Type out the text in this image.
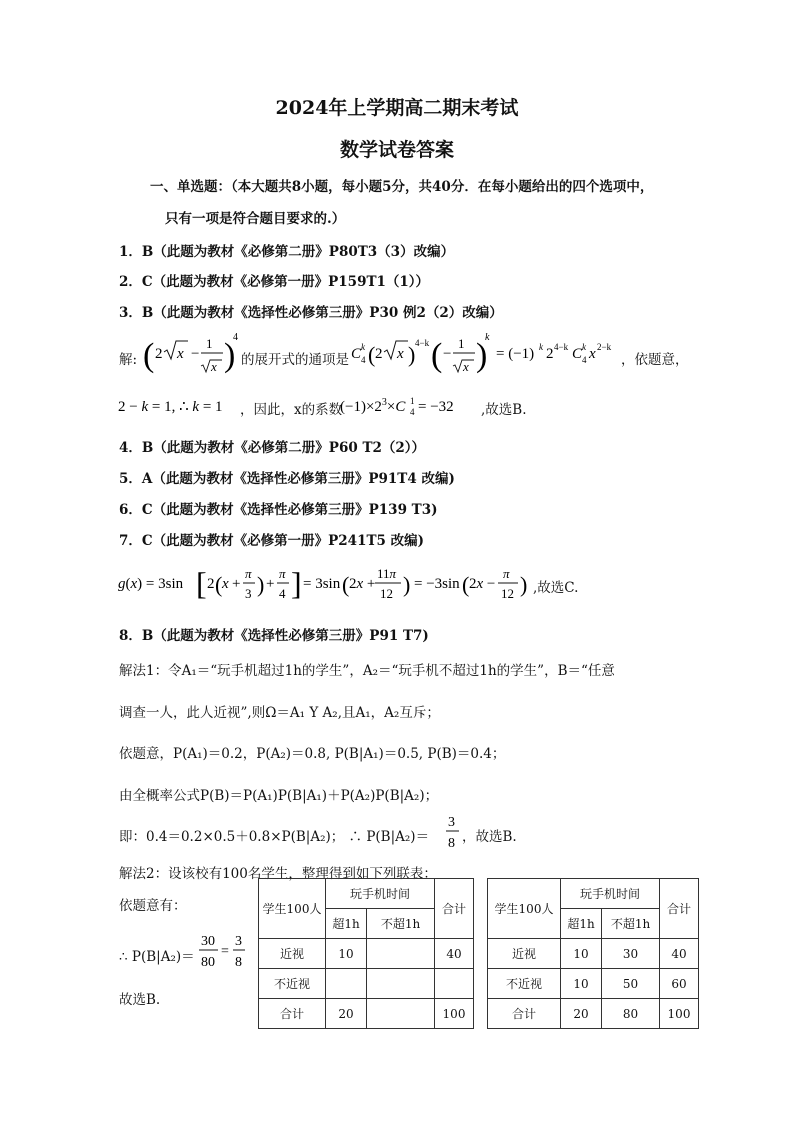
2024年上学期高二期末考试
数学试卷答案
一、单选题：（本大题共8小题，每小题5分，共40分．在每小题给出的四个选项中，
只有一项是符合题目要求的.）
1．B（此题为教材《必修第二册》P80T3（3）改编）
2．C（此题为教材《必修第一册》P159T1（1））
3．B（此题为教材《选择性必修第三册》P30 例2（2）改编）
解: ( 2 x −
1
x )
4
的展开式的通项是 C k
4 ( 2 x ) 4−k ( −
1
x )
k
= (−1) k 2 4−k C k
4 x 2−k
，依题意，
2 − k = 1, ∴ k = 1 ，因此，x的系数
$(-1)\times 2^3\times C$ 1
4 = −32 ,故选B.
4．B（此题为教材《必修第二册》P60 T2（2））
5．A（此题为教材《选择性必修第三册》P91T4 改编)
6．C（此题为教材《选择性必修第三册》P139 T3)
7．C（此题为教材《必修第一册》P241T5 改编)
g(x) = 3sin [ 2 ( x +
π
3 ) +
π
4 ] = 3sin ( 2x +
11π
12 ) = −3sin ( 2x −
π
12 ) ,故选C.
8．B（此题为教材《选择性必修第三册》P91 T7)
解法1：令A₁＝“玩手机超过1h的学生”，A₂＝“玩手机不超过1h的学生”，B＝“任意
调查一人，此人近视”,则Ω＝A₁ Y A₂,且A₁，A₂互斥；
依题意，P(A₁)＝0.2，P(A₂)＝0.8, P(B|A₁)＝0.5, P(B)＝0.4；
由全概率公式P(B)＝P(A₁)P(B|A₁)＋P(A₂)P(B|A₂)；
即：0.4＝0.2×0.5＋0.8×P(B|A₂)； ∴ P(B|A₂)＝
3
8 ，故选B.
解法2：设该校有100名学生，整理得到如下列联表：
依题意有：
∴ P(B|A₂)＝
30
80
=
3
8
故选B.
学生100人	玩手机时间		合计
	超1h	不超1h	
近视	10		40
不近视			
合计	20		100
学生100人	玩手机时间		合计
	超1h	不超1h	
近视	10	30	40
不近视	10	50	60
合计	20	80	100
